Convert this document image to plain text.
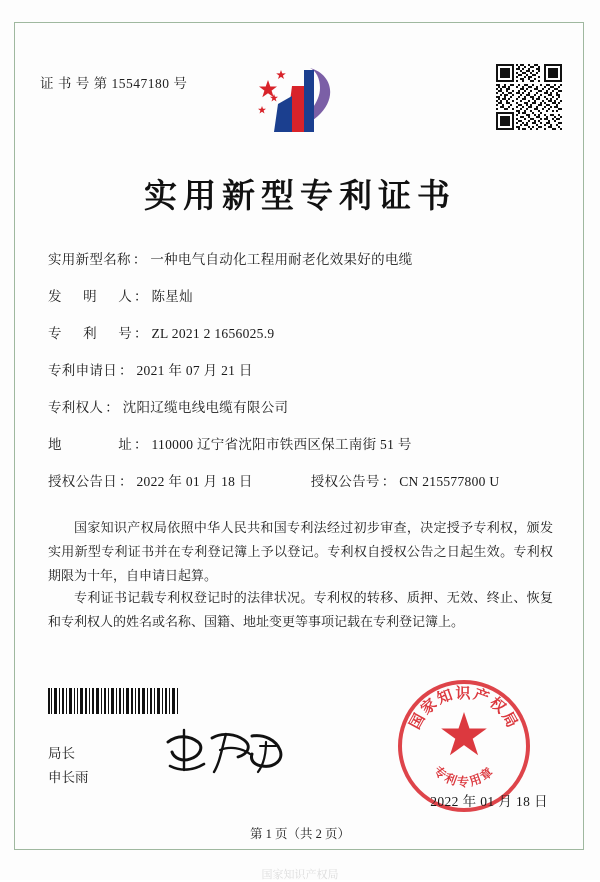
证 书 号 第 15547180 号
实用新型专利证书
实用新型名称 ： 一种电气自动化工程用耐老化效果好的电缆
发明人 ： 陈星灿
专利号 ： ZL 2021 2 1656025.9
专利申请日 ： 2021 年 07 月 21 日
专利权人 ： 沈阳辽缆电线电缆有限公司
地址 ： 110000 辽宁省沈阳市铁西区保工南街 51 号
授权公告日 ： 2022 年 01 月 18 日	授权公告号 ： CN 215577800 U
国家知识产权局依照中华人民共和国专利法经过初步审查，决定授予专利权，颁发实用新型专利证书并在专利登记簿上予以登记。专利权自授权公告之日起生效。专利权期限为十年，自申请日起算。
专利证书记载专利权登记时的法律状况。专利权的转移、质押、无效、终止、恢复和专利权人的姓名或名称、国籍、地址变更等事项记载在专利登记簿上。
局长
申长雨
国家知识产权局
专利专用章
2022 年 01 月 18 日
第 1 页（共 2 页）
国家知识产权局
